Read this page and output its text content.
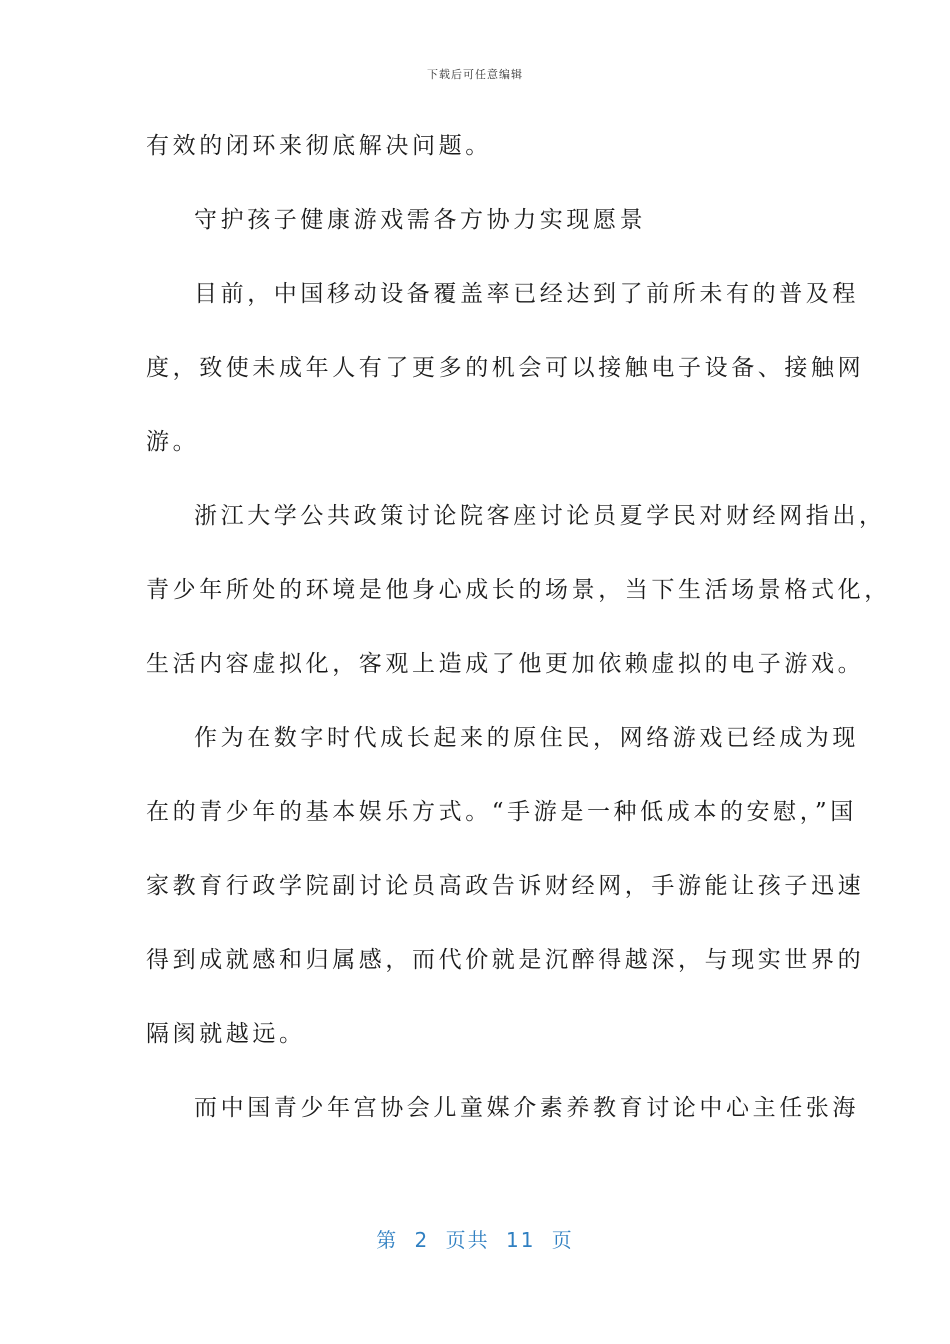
下载后可任意编辑
有效的闭环来彻底解决问题。
守护孩子健康游戏需各方协力实现愿景
目前，中国移动设备覆盖率已经达到了前所未有的普及程
度，致使未成年人有了更多的机会可以接触电子设备、接触网
游。
浙江大学公共政策讨论院客座讨论员夏学民对财经网指出，
青少年所处的环境是他身心成长的场景，当下生活场景格式化，
生活内容虚拟化，客观上造成了他更加依赖虚拟的电子游戏。
作为在数字时代成长起来的原住民，网络游戏已经成为现
在的青少年的基本娱乐方式。“手游是一种低成本的安慰，”国
家教育行政学院副讨论员高政告诉财经网，手游能让孩子迅速
得到成就感和归属感，而代价就是沉醉得越深，与现实世界的
隔阂就越远。
而中国青少年宫协会儿童媒介素养教育讨论中心主任张海
第 2 页共 11 页
